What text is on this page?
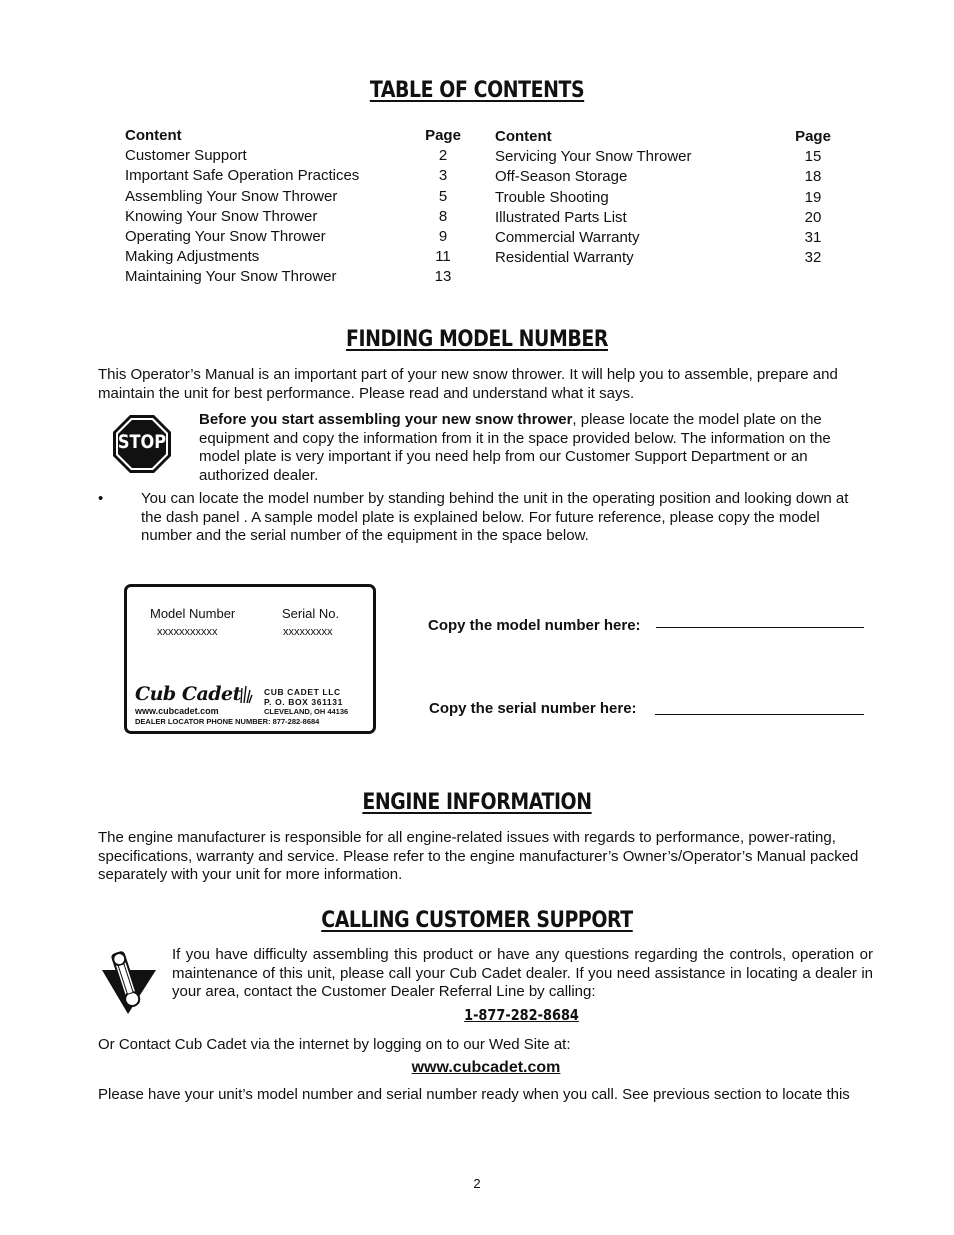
TABLE OF CONTENTS
Content	Page
Customer Support	2
Important Safe Operation Practices	3
Assembling Your Snow Thrower	5
Knowing Your Snow Thrower	8
Operating Your Snow Thrower	9
Making Adjustments	11
Maintaining Your Snow Thrower	13
Content	Page
Servicing Your Snow Thrower	15
Off-Season Storage	18
Trouble Shooting	19
Illustrated Parts List	20
Commercial Warranty	31
Residential Warranty	32
FINDING MODEL NUMBER
This Operator’s Manual is an important part of your new snow thrower. It will help you to assemble, prepare and maintain the unit for best performance. Please read and understand what it says.
STOP
Before you start assembling your new snow thrower, please locate the model plate on the equipment and copy the information from it in the space provided below. The information on the model plate is very important if you need help from our Customer Support Department or an authorized dealer.
•	You can locate the model number by standing behind the unit in the operating position and looking down at the dash panel . A sample model plate is explained below. For future reference, please copy the model number and the serial number of the equipment in the space below.
Model Number
xxxxxxxxxxx
Serial No.
xxxxxxxxx
Cub Cadet
www.cubcadet.com
CUB CADET LLC
P. O. BOX 361131
CLEVELAND, OH 44136
DEALER LOCATOR PHONE NUMBER: 877-282-8684
Copy the model number here:
Copy the serial number here:
ENGINE INFORMATION
The engine manufacturer is responsible for all engine-related issues with regards to performance, power-rating, specifications, warranty and service. Please refer to the engine manufacturer’s Owner’s/Operator’s Manual packed separately with your unit for more information.
CALLING CUSTOMER SUPPORT
If you have difficulty assembling this product or have any questions regarding the controls, operation or maintenance of this unit, please call your Cub Cadet dealer. If you need assistance in locating a dealer in your area, contact the Customer Dealer Referral Line by calling:
1-877-282-8684
Or Contact Cub Cadet via the internet by logging on to our Wed Site at:
www.cubcadet.com
Please have your unit’s model number and serial number ready when you call. See previous section to locate this
2
